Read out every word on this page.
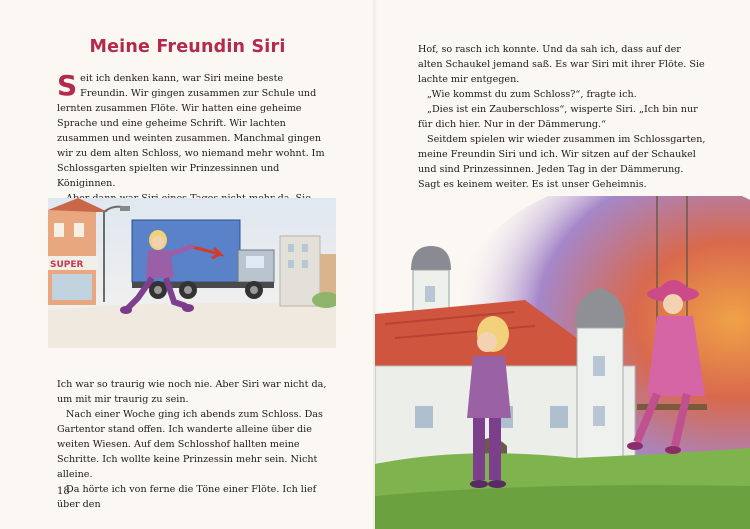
Meine Freundin Siri

Seit ich denken kann, war Siri meine beste Freundin. Wir gingen zusammen zur Schule und lernten zusammen Flöte. Wir hatten eine geheime Sprache und eine geheime Schrift. Wir lachten zusammen und weinten zusammen. Manchmal gingen wir zu dem alten Schloss, wo niemand mehr wohnt. Im Schlossgarten spielten wir Prinzessinnen und Königinnen.

SUPER

Ich war so traurig wie noch nie. Aber Siri war nicht da, um mit mir traurig zu sein.

Nach einer Woche ging ich abends zum Schloss. Das Gartentor stand offen. Ich wanderte alleine über die weiten Wiesen. Auf dem Schlosshof hallten meine Schritte. Ich wollte keine Prinzessin mehr sein. Nicht alleine.

Da hörte ich von ferne die Töne einer Flöte. Ich lief über den

18

Hof, so rasch ich konnte. Und da sah ich, dass auf der alten Schaukel jemand saß. Es war Siri mit ihrer Flöte. Sie lachte mir entgegen.

„Wie kommst du zum Schloss?“, fragte ich.

„Dies ist ein Zauberschloss“, wisperte Siri. „Ich bin nur für dich hier. Nur in der Dämmerung.“

Seitdem spielen wir wieder zusammen im Schlossgarten, meine Freundin Siri und ich. Wir sitzen auf der Schaukel und sind Prinzessinnen. Jeden Tag in der Dämmerung. Sagt es keinem weiter. Es ist unser Geheimnis.
